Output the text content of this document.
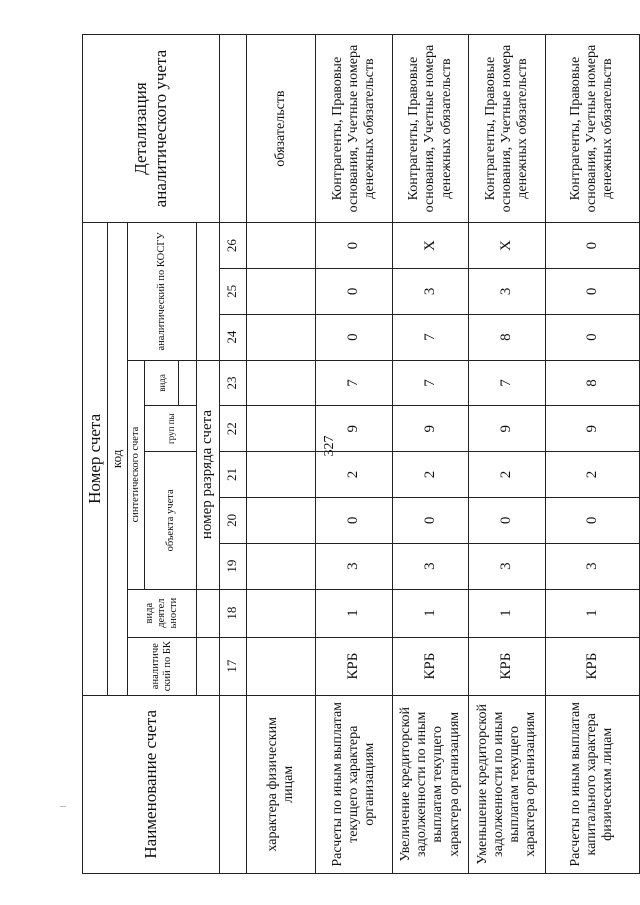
327
Наименование счета	Номер счета										Детализация аналитического учета
	код										
	аналитиче ский по БК	вида деятел ьности	синтетического счета					аналитический по КОСГУ			
			объекта учета			груп пы	вида				

			номер разряда счета								
	17	18	19	20	21	22	23	24	25	26	
характера физическим лицам											обязательств
Расчеты по иным выплатам текущего характера организациям	КРБ	1	3	0	2	9	7	0	0	0	Контрагенты, Правовые основания, Учетные номера денежных обязательств
Увеличение кредиторской задолженности по иным выплатам текущего характера организациям	КРБ	1	3	0	2	9	7	7	3	Х	Контрагенты, Правовые основания, Учетные номера денежных обязательств
Уменьшение кредиторской задолженности по иным выплатам текущего характера организациям	КРБ	1	3	0	2	9	7	8	3	Х	Контрагенты, Правовые основания, Учетные номера денежных обязательств
Расчеты по иным выплатам капитального характера физическим лицам	КРБ	1	3	0	2	9	8	0	0	0	Контрагенты, Правовые основания, Учетные номера денежных обязательств
